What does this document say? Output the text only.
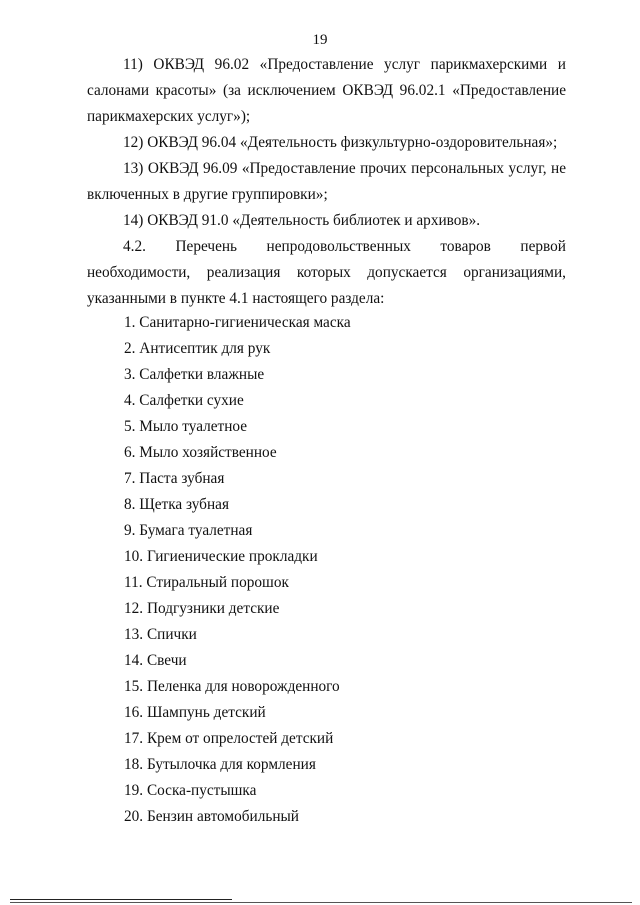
19

11) ОКВЭД 96.02 «Предоставление услуг парикмахерскими и салонами красоты» (за исключением ОКВЭД 96.02.1 «Предоставление парикмахерских услуг»);

12) ОКВЭД 96.04 «Деятельность физкультурно-оздоровительная»;

13) ОКВЭД 96.09 «Предоставление прочих персональных услуг, не включенных в другие группировки»;

14) ОКВЭД 91.0 «Деятельность библиотек и архивов».

4.2. Перечень непродовольственных товаров первой необходимости, реализация которых допускается организациями, указанными в пункте 4.1 настоящего раздела:

1. Санитарно-гигиеническая маска
2. Антисептик для рук
3. Салфетки влажные
4. Салфетки сухие
5. Мыло туалетное
6. Мыло хозяйственное
7. Паста зубная
8. Щетка зубная
9. Бумага туалетная
10. Гигиенические прокладки
11. Стиральный порошок
12. Подгузники детские
13. Спички
14. Свечи
15. Пеленка для новорожденного
16. Шампунь детский
17. Крем от опрелостей детский
18. Бутылочка для кормления
19. Соска-пустышка
20. Бензин автомобильный
